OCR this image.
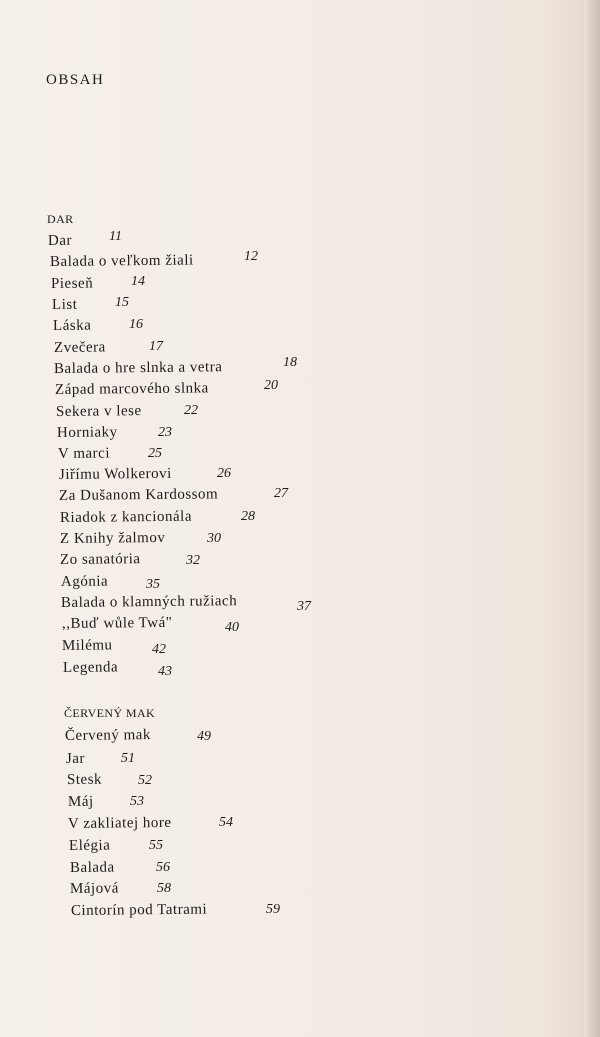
OBSAH
DAR
Dar	11
Balada o veľkom žiali	12
Pieseň	14
List	15
Láska	16
Zvečera	17
Balada o hre slnka a vetra	18
Západ marcového slnka	20
Sekera v lese	22
Horniaky	23
V marci	25
Jiřímu Wolkerovi	26
Za Dušanom Kardossom	27
Riadok z kancionála	28
Z Knihy žalmov	30
Zo sanatória	32
Agónia	35
Balada o klamných ružiach	37
,,Buď wůle Twá"	40
Milému	42
Legenda	43
ČERVENÝ MAK
Červený mak	49
Jar	51
Stesk	52
Máj	53
V zakliatej hore	54
Elégia	55
Balada	56
Májová	58
Cintorín pod Tatrami	59
